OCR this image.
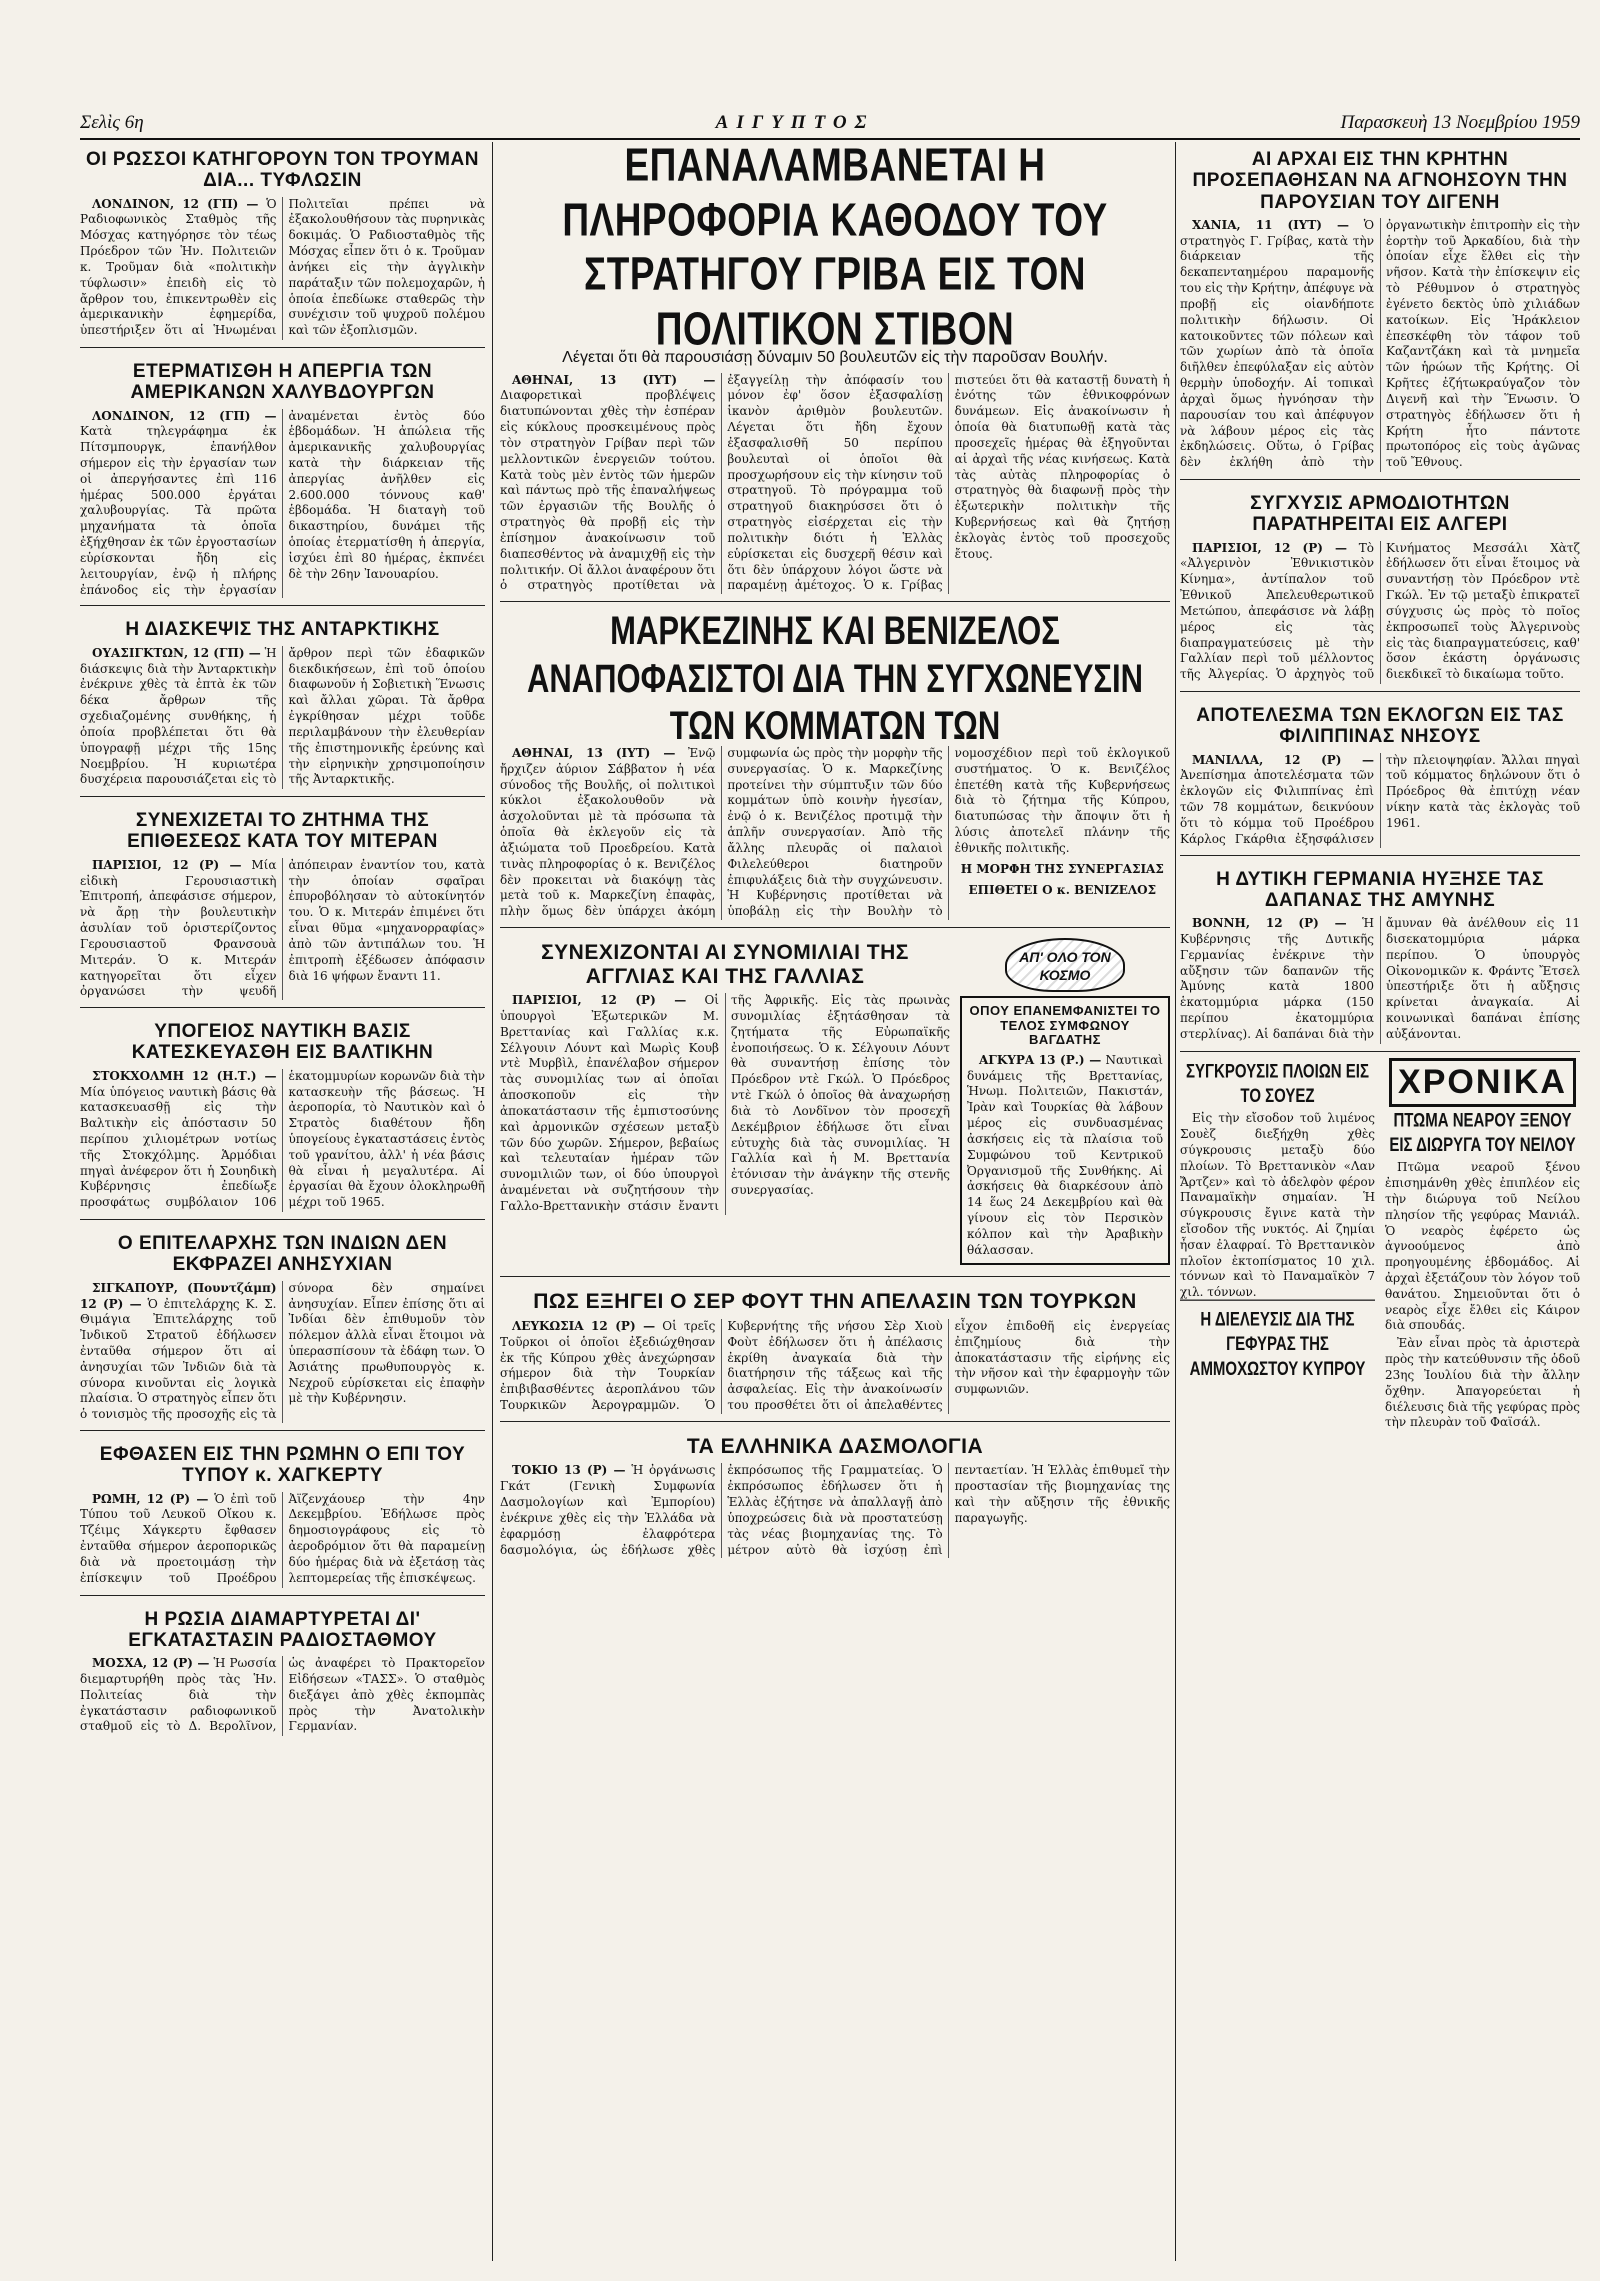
Σελὶς 6η	ΑΙΓΥΠΤΟΣ	Παρασκευὴ 13 Νοεμβρίου 1959
ΟΙ ΡΩΣΣΟΙ ΚΑΤΗΓΟΡΟΥΝ ΤΟΝ ΤΡΟΥΜΑΝ ΔΙΑ... ΤΥΦΛΩΣΙΝ

ΛΟΝΔΙΝΟΝ, 12 (ΓΠ) — Ὁ Ραδιοφωνικὸς Σταθμὸς τῆς Μόσχας κατηγόρησε τὸν τέως Πρόεδρον τῶν Ἡν. Πολιτειῶν κ. Τροῦμαν διὰ «πολιτικὴν τύφλωσιν» ἐπειδὴ εἰς τὸ ἄρθρον του, ἐπικεντρωθὲν εἰς ἀμερικανικὴν ἐφημερίδα, ὑπεστήριξεν ὅτι αἱ Ἡνωμέναι Πολιτεῖαι πρέπει νὰ ἐξακολουθήσουν τὰς πυρηνικὰς δοκιμάς. Ὁ Ραδιοσταθμὸς τῆς Μόσχας εἶπεν ὅτι ὁ κ. Τροῦμαν ἀνήκει εἰς τὴν ἀγγλικὴν παράταξιν τῶν πολεμοχαρῶν, ἡ ὁποία ἐπεδίωκε σταθερῶς τὴν συνέχισιν τοῦ ψυχροῦ πολέμου καὶ τῶν ἐξοπλισμῶν.

ΕΤΕΡΜΑΤΙΣΘΗ Η ΑΠΕΡΓΙΑ ΤΩΝ ΑΜΕΡΙΚΑΝΩΝ ΧΑΛΥΒΔΟΥΡΓΩΝ

ΛΟΝΔΙΝΟΝ, 12 (ΓΠ) — Κατὰ τηλεγράφημα ἐκ Πίτσμπουργκ, ἐπανήλθον σήμερον εἰς τὴν ἐργασίαν των οἱ ἀπεργήσαντες ἐπὶ 116 ἡμέρας 500.000 ἐργάται χαλυβουργίας. Τὰ πρῶτα μηχανήματα τὰ ὁποῖα ἐξήχθησαν ἐκ τῶν ἐργοστασίων εὑρίσκονται ἤδη εἰς λειτουργίαν, ἐνῷ ἡ πλήρης ἐπάνοδος εἰς τὴν ἐργασίαν ἀναμένεται ἐντὸς δύο ἑβδομάδων. Ἡ ἀπώλεια τῆς ἀμερικανικῆς χαλυβουργίας κατὰ τὴν διάρκειαν τῆς ἀπεργίας ἀνῆλθεν εἰς 2.600.000 τόννους καθ' ἑβδομάδα. Ἡ διαταγὴ τοῦ δικαστηρίου, δυνάμει τῆς ὁποίας ἐτερματίσθη ἡ ἀπεργία, ἰσχύει ἐπὶ 80 ἡμέρας, ἐκπνέει δὲ τὴν 26ην Ἰανουαρίου.

Η ΔΙΑΣΚΕΨΙΣ ΤΗΣ ΑΝΤΑΡΚΤΙΚΗΣ

ΟΥΑΣΙΓΚΤΩΝ, 12 (ΓΠ) — Ἡ διάσκεψις διὰ τὴν Ἀνταρκτικὴν ἐνέκρινε χθὲς τὰ ἑπτὰ ἐκ τῶν δέκα ἄρθρων τῆς σχεδιαζομένης συνθήκης, ἡ ὁποία προβλέπεται ὅτι θὰ ὑπογραφῇ μέχρι τῆς 15ης Νοεμβρίου. Ἡ κυριωτέρα δυσχέρεια παρουσιάζεται εἰς τὸ ἄρθρον περὶ τῶν ἐδαφικῶν διεκδικήσεων, ἐπὶ τοῦ ὁποίου διαφωνοῦν ἡ Σοβιετικὴ Ἕνωσις καὶ ἄλλαι χῶραι. Τὰ ἄρθρα ἐγκρίθησαν μέχρι τοῦδε περιλαμβάνουν τὴν ἐλευθερίαν τῆς ἐπιστημονικῆς ἐρεύνης καὶ τὴν εἰρηνικὴν χρησιμοποίησιν τῆς Ἀνταρκτικῆς.

ΣΥΝΕΧΙΖΕΤΑΙ ΤΟ ΖΗΤΗΜΑ ΤΗΣ ΕΠΙΘΕΣΕΩΣ ΚΑΤΑ ΤΟΥ ΜΙΤΕΡΑΝ

ΠΑΡΙΣΙΟΙ, 12 (Ρ) — Μία εἰδικὴ Γερουσιαστικὴ Ἐπιτροπή, ἀπεφάσισε σήμερον, νὰ ἄρῃ τὴν βουλευτικὴν ἀσυλίαν τοῦ ὁριστερίζοντος Γερουσιαστοῦ Φρανσουὰ Μιτεράν. Ὁ κ. Μιτεράν κατηγορεῖται ὅτι εἶχεν ὀργανώσει τὴν ψευδῆ ἀπόπειραν ἐναντίον του, κατὰ τὴν ὁποίαν σφαῖραι ἐπυροβόλησαν τὸ αὐτοκίνητόν του. Ὁ κ. Μιτεράν ἐπιμένει ὅτι εἶναι θῦμα «μηχανορραφίας» ἀπὸ τῶν ἀντιπάλων του. Ἡ ἐπιτροπὴ ἐξέδωσεν ἀπόφασιν διὰ 16 ψήφων ἔναντι 11.

ΥΠΟΓΕΙΟΣ ΝΑΥΤΙΚΗ ΒΑΣΙΣ ΚΑΤΕΣΚΕΥΑΣΘΗ ΕΙΣ ΒΑΛΤΙΚΗΝ

ΣΤΟΚΧΟΛΜΗ 12 (Η.Τ.) — Μία ὑπόγειος ναυτικὴ βάσις θὰ κατασκευασθῇ εἰς τὴν Βαλτικὴν εἰς ἀπόστασιν 50 περίπου χιλιομέτρων νοτίως τῆς Στοκχόλμης. Ἁρμόδιαι πηγαὶ ἀνέφερον ὅτι ἡ Σουηδικὴ Κυβέρνησις ἐπεδίωξε προσφάτως συμβόλαιον 106 ἑκατομμυρίων κορωνῶν διὰ τὴν κατασκευὴν τῆς βάσεως. Ἡ ἀεροπορία, τὸ Ναυτικὸν καὶ ὁ Στρατὸς διαθέτουν ἤδη ὑπογείους ἐγκαταστάσεις ἐντὸς τοῦ γρανίτου, ἀλλ' ἡ νέα βάσις θὰ εἶναι ἡ μεγαλυτέρα. Αἱ ἐργασίαι θὰ ἔχουν ὁλοκληρωθῆ μέχρι τοῦ 1965.

Ο ΕΠΙΤΕΛΑΡΧΗΣ ΤΩΝ ΙΝΔΙΩΝ ΔΕΝ ΕΚΦΡΑΖΕΙ ΑΝΗΣΥΧΙΑΝ

ΣΙΓΚΑΠΟΥΡ, (Πουντζάμπ) 12 (Ρ) — Ὁ ἐπιτελάρχης Κ. Σ. Θιμάγια Ἐπιτελάρχης τοῦ Ἰνδικοῦ Στρατοῦ ἐδήλωσεν ἐνταῦθα σήμερον ὅτι αἱ ἀνησυχίαι τῶν Ἰνδιῶν διὰ τὰ σύνορα κινοῦνται εἰς λογικὰ πλαίσια. Ὁ στρατηγὸς εἶπεν ὅτι ὁ τονισμὸς τῆς προσοχῆς εἰς τὰ σύνορα δὲν σημαίνει ἀνησυχίαν. Εἶπεν ἐπίσης ὅτι αἱ Ἰνδίαι δὲν ἐπιθυμοῦν τὸν πόλεμον ἀλλὰ εἶναι ἕτοιμοι νὰ ὑπερασπίσουν τὰ ἐδάφη των. Ὁ Ἀσιάτης πρωθυπουργὸς κ. Νεχροῦ εὑρίσκεται εἰς ἐπαφὴν μὲ τὴν Κυβέρνησιν.

ΕΦΘΑΣΕΝ ΕΙΣ ΤΗΝ ΡΩΜΗΝ Ο ΕΠΙ ΤΟΥ ΤΥΠΟΥ κ. ΧΑΓΚΕΡΤΥ

ΡΩΜΗ, 12 (Ρ) — Ὁ ἐπὶ τοῦ Τύπου τοῦ Λευκοῦ Οἴκου κ. Τζέιμς Χάγκερτυ ἔφθασεν ἐνταῦθα σήμερον ἀεροπορικῶς διὰ νὰ προετοιμάσῃ τὴν ἐπίσκεψιν τοῦ Προέδρου Ἀϊζενχάουερ τὴν 4ην Δεκεμβρίου. Ἐδήλωσε πρὸς δημοσιογράφους εἰς τὸ ἀεροδρόμιον ὅτι θὰ παραμείνῃ δύο ἡμέρας διὰ νὰ ἐξετάσῃ τὰς λεπτομερείας τῆς ἐπισκέψεως.

Η ΡΩΣΙΑ ΔΙΑΜΑΡΤΥΡΕΤΑΙ ΔΙ' ΕΓΚΑΤΑΣΤΑΣΙΝ ΡΑΔΙΟΣΤΑΘΜΟΥ

ΜΟΣΧΑ, 12 (Ρ) — Ἡ Ρωσσία διεμαρτυρήθη πρὸς τὰς Ἡν. Πολιτείας διὰ τὴν ἐγκατάστασιν ραδιοφωνικοῦ σταθμοῦ εἰς τὸ Δ. Βερολῖνον, ὡς ἀναφέρει τὸ Πρακτορεῖον Εἰδήσεων «ΤΑΣΣ». Ὁ σταθμὸς διεξάγει ἀπὸ χθὲς ἐκπομπὰς πρὸς τὴν Ἀνατολικὴν Γερμανίαν.

ΕΠΑΝΑΛΑΜΒΑΝΕΤΑΙ Η ΠΛΗΡΟΦΟΡΙΑ ΚΑΘΟΔΟΥ ΤΟΥ ΣΤΡΑΤΗΓΟΥ ΓΡΙΒΑ ΕΙΣ ΤΟΝ ΠΟΛΙΤΙΚΟΝ ΣΤΙΒΟΝ
Λέγεται ὅτι θὰ παρουσιάσῃ δύναμιν 50 βουλευτῶν εἰς τὴν παροῦσαν Βουλήν.

ΑΘΗΝΑΙ, 13 (ΙΥΤ) — Διαφορετικαὶ προβλέψεις διατυπώνονται χθὲς τὴν ἑσπέραν εἰς κύκλους προσκειμένους πρὸς τὸν στρατηγὸν Γρίβαν περὶ τῶν μελλοντικῶν ἐνεργειῶν τούτου. Κατὰ τοὺς μὲν ἐντὸς τῶν ἡμερῶν καὶ πάντως πρὸ τῆς ἐπαναλήψεως τῶν ἐργασιῶν τῆς Βουλῆς ὁ στρατηγὸς θὰ προβῇ εἰς τὴν ἐπίσημον ἀνακοίνωσιν τοῦ διαπεσθέντος νὰ ἀναμιχθῇ εἰς τὴν πολιτικήν. Οἱ ἄλλοι ἀναφέρουν ὅτι ὁ στρατηγὸς προτίθεται νὰ ἐξαγγείλῃ τὴν ἀπόφασίν του μόνον ἐφ' ὅσον ἐξασφαλίσῃ ἱκανὸν ἀριθμὸν βουλευτῶν. Λέγεται ὅτι ἤδη ἔχουν ἐξασφαλισθῆ 50 περίπου βουλευταὶ οἱ ὁποῖοι θὰ προσχωρήσουν εἰς τὴν κίνησιν τοῦ στρατηγοῦ. Τὸ πρόγραμμα τοῦ στρατηγοῦ διακηρύσσει ὅτι ὁ στρατηγὸς εἰσέρχεται εἰς τὴν πολιτικὴν διότι ἡ Ἑλλὰς εὑρίσκεται εἰς δυσχερῆ θέσιν καὶ ὅτι δὲν ὑπάρχουν λόγοι ὥστε νὰ παραμένῃ ἀμέτοχος. Ὁ κ. Γρίβας πιστεύει ὅτι θὰ καταστῇ δυνατὴ ἡ ἐνότης τῶν ἐθνικοφρόνων δυνάμεων. Εἰς ἀνακοίνωσιν ἡ ὁποία θὰ διατυπωθῇ κατὰ τὰς προσεχεῖς ἡμέρας θὰ ἐξηγοῦνται αἱ ἀρχαὶ τῆς νέας κινήσεως. Κατὰ τὰς αὐτὰς πληροφορίας ὁ στρατηγὸς θὰ διαφωνῇ πρὸς τὴν ἐξωτερικὴν πολιτικὴν τῆς Κυβερνήσεως καὶ θὰ ζητήσῃ ἐκλογὰς ἐντὸς τοῦ προσεχοῦς ἔτους.

ΜΑΡΚΕΖΙΝΗΣ ΚΑΙ ΒΕΝΙΖΕΛΟΣ ΑΝΑΠΟΦΑΣΙΣΤΟΙ ΔΙΑ ΤΗΝ ΣΥΓΧΩΝΕΥΣΙΝ ΤΩΝ ΚΟΜΜΑΤΩΝ ΤΩΝ

ΑΘΗΝΑΙ, 13 (ΙΥΤ) — Ἐνῷ ἤρχιζεν ἀύριον Σάββατον ἡ νέα σύνοδος τῆς Βουλῆς, οἱ πολιτικοὶ κύκλοι ἐξακολουθοῦν νὰ ἀσχολοῦνται μὲ τὰ πρόσωπα τὰ ὁποῖα θὰ ἐκλεγοῦν εἰς τὰ ἀξιώματα τοῦ Προεδρείου. Κατὰ τινὰς πληροφορίας ὁ κ. Βενιζέλος δὲν προκειται νὰ διακόψῃ τὰς μετὰ τοῦ κ. Μαρκεζίνη ἐπαφὰς, πλὴν ὅμως δὲν ὑπάρχει ἀκόμη συμφωνία ὡς πρὸς τὴν μορφὴν τῆς συνεργασίας. Ὁ κ. Μαρκεζίνης προτείνει τὴν σύμπτυξιν τῶν δύο κομμάτων ὑπὸ κοινὴν ἡγεσίαν, ἐνῷ ὁ κ. Βενιζέλος προτιμᾷ τὴν ἁπλῆν συνεργασίαν. Ἀπὸ τῆς ἄλλης πλευρᾶς οἱ παλαιοὶ Φιλελεύθεροι διατηροῦν ἐπιφυλάξεις διὰ τὴν συγχώνευσιν. Ἡ Κυβέρνησις προτίθεται νὰ ὑποβάλῃ εἰς τὴν Βουλὴν τὸ νομοσχέδιον περὶ τοῦ ἐκλογικοῦ συστήματος. Ὁ κ. Βενιζέλος ἐπετέθη κατὰ τῆς Κυβερνήσεως διὰ τὸ ζήτημα τῆς Κύπρου, διατυπώσας τὴν ἄποψιν ὅτι ἡ λύσις ἀποτελεῖ πλάνην τῆς ἐθνικῆς πολιτικῆς.

Η ΜΟΡΦΗ ΤΗΣ ΣΥΝΕΡΓΑΣΙΑΣ
ΕΠΙΘΕΤΕΙ Ο κ. ΒΕΝΙΖΕΛΟΣ
ΣΥΝΕΧΙΖΟΝΤΑΙ ΑΙ ΣΥΝΟΜΙΛΙΑΙ ΤΗΣ ΑΓΓΛΙΑΣ ΚΑΙ ΤΗΣ ΓΑΛΛΙΑΣ

ΠΑΡΙΣΙΟΙ, 12 (Ρ) — Οἱ ὑπουργοὶ Ἐξωτερικῶν Μ. Βρεττανίας καὶ Γαλλίας κ.κ. Σέλγουιν Λόυντ καὶ Μωρὶς Κουβ ντὲ Μυρβὶλ, ἐπανέλαβον σήμερον τὰς συνομιλίας των αἱ ὁποῖαι ἀποσκοποῦν εἰς τὴν ἀποκατάστασιν τῆς ἐμπιστοσύνης καὶ ἀρμονικῶν σχέσεων μεταξὺ τῶν δύο χωρῶν. Σήμερον, βεβαίως καὶ τελευταίαν ἡμέραν τῶν συνομιλιῶν των, οἱ δύο ὑπουργοὶ ἀναμένεται νὰ συζητήσουν τὴν Γαλλο-Βρεττανικὴν στάσιν ἔναντι τῆς Ἀφρικῆς. Εἰς τὰς πρωινὰς συνομιλίας ἐξητάσθησαν τὰ ζητήματα τῆς Εὐρωπαϊκῆς ἐνοποιήσεως. Ὁ κ. Σέλγουιν Λόυντ θὰ συναντήσῃ ἐπίσης τὸν Πρόεδρον ντὲ Γκώλ. Ὁ Πρόεδρος ντὲ Γκώλ ὁ ὁποῖος θὰ ἀναχωρήσῃ διὰ τὸ Λονδῖνον τὸν προσεχῆ Δεκέμβριον ἐδήλωσε ὅτι εἶναι εὐτυχὴς διὰ τὰς συνομιλίας. Ἡ Γαλλία καὶ ἡ Μ. Βρεττανία ἐτόνισαν τὴν ἀνάγκην τῆς στενῆς συνεργασίας.

ΑΠ' ΟΛΟ ΤΟΝ ΚΟΣΜΟ
ΟΠΟΥ ΕΠΑΝΕΜΦΑΝΙΣΤΕΙ ΤΟ ΤΕΛΟΣ ΣΥΜΦΩΝΟΥ ΒΑΓΔΑΤΗΣ

ΑΓΚΥΡΑ 13 (Ρ.) — Ναυτικαὶ δυνάμεις τῆς Βρεττανίας, Ἡνωμ. Πολιτειῶν, Πακιστάν, Ἰρὰν καὶ Τουρκίας θὰ λάβουν μέρος εἰς συνδυασμένας ἀσκήσεις εἰς τὰ πλαίσια τοῦ Συμφώνου τοῦ Κεντρικοῦ Ὀργανισμοῦ τῆς Συνθήκης. Αἱ ἀσκήσεις θὰ διαρκέσουν ἀπὸ 14 ἕως 24 Δεκεμβρίου καὶ θὰ γίνουν εἰς τὸν Περσικὸν κόλπον καὶ τὴν Ἀραβικὴν θάλασσαν.

ΠΩΣ ΕΞΗΓΕΙ Ο ΣΕΡ ΦΟΥΤ ΤΗΝ ΑΠΕΛΑΣΙΝ ΤΩΝ ΤΟΥΡΚΩΝ

ΛΕΥΚΩΣΙΑ 12 (Ρ) — Οἱ τρεῖς Τοῦρκοι οἱ ὁποῖοι ἐξεδιώχθησαν ἐκ τῆς Κύπρου χθὲς ἀνεχώρησαν σήμερον διὰ τὴν Τουρκίαν ἐπιβιβασθέντες ἀεροπλάνου τῶν Τουρκικῶν Ἀερογραμμῶν. Ὁ Κυβερνήτης τῆς νήσου Σὲρ Χιοὺ Φοὺτ ἐδήλωσεν ὅτι ἡ ἀπέλασις ἐκρίθη ἀναγκαία διὰ τὴν διατήρησιν τῆς τάξεως καὶ τῆς ἀσφαλείας. Εἰς τὴν ἀνακοίνωσίν του προσθέτει ὅτι οἱ ἀπελαθέντες εἶχον ἐπιδοθῆ εἰς ἐνεργείας ἐπιζημίους διὰ τὴν ἀποκατάστασιν τῆς εἰρήνης εἰς τὴν νῆσον καὶ τὴν ἐφαρμογὴν τῶν συμφωνιῶν.

ΤΑ ΕΛΛΗΝΙΚΑ ΔΑΣΜΟΛΟΓΙΑ

ΤΟΚΙΟ 13 (Ρ) — Ἡ ὀργάνωσις Γκάτ (Γενικὴ Συμφωνία Δασμολογίων καὶ Ἐμπορίου) ἐνέκρινε χθὲς εἰς τὴν Ἑλλάδα νὰ ἐφαρμόσῃ ἐλαφρότερα δασμολόγια, ὡς ἐδήλωσε χθὲς ἐκπρόσωπος τῆς Γραμματείας. Ὁ ἐκπρόσωπος ἐδήλωσεν ὅτι ἡ Ἑλλὰς ἐζήτησε νὰ ἀπαλλαγῇ ἀπὸ ὑποχρεώσεις διὰ νὰ προστατεύσῃ τὰς νέας βιομηχανίας της. Τὸ μέτρον αὐτὸ θὰ ἰσχύσῃ ἐπὶ πενταετίαν. Ἡ Ἑλλὰς ἐπιθυμεῖ τὴν προστασίαν τῆς βιομηχανίας της καὶ τὴν αὔξησιν τῆς ἐθνικῆς παραγωγῆς.

ΑΙ ΑΡΧΑΙ ΕΙΣ ΤΗΝ ΚΡΗΤΗΝ ΠΡΟΣΕΠΑΘΗΣΑΝ ΝΑ ΑΓΝΟΗΣΟΥΝ ΤΗΝ ΠΑΡΟΥΣΙΑΝ ΤΟΥ ΔΙΓΕΝΗ

ΧΑΝΙΑ, 11 (ΙΥΤ) — Ὁ στρατηγὸς Γ. Γρίβας, κατὰ τὴν διάρκειαν τῆς δεκαπενταημέρου παραμονῆς του εἰς τὴν Κρήτην, ἀπέφυγε νὰ προβῇ εἰς οἱανδήποτε πολιτικὴν δήλωσιν. Οἱ κατοικοῦντες τῶν πόλεων καὶ τῶν χωρίων ἀπὸ τὰ ὁποῖα διῆλθεν ἐπεφύλαξαν εἰς αὐτὸν θερμὴν ὑποδοχήν. Αἱ τοπικαὶ ἀρχαὶ ὅμως ἠγνόησαν τὴν παρουσίαν του καὶ ἀπέφυγον νὰ λάβουν μέρος εἰς τὰς ἐκδηλώσεις. Οὕτω, ὁ Γρίβας δὲν ἐκλήθη ἀπὸ τὴν ὀργανωτικὴν ἐπιτροπὴν εἰς τὴν ἑορτὴν τοῦ Ἀρκαδίου, διὰ τὴν ὁποίαν εἶχε ἔλθει εἰς τὴν νῆσον. Κατὰ τὴν ἐπίσκεψιν εἰς τὸ Ρέθυμνον ὁ στρατηγὸς ἐγένετο δεκτὸς ὑπὸ χιλιάδων κατοίκων. Εἰς Ἡράκλειον ἐπεσκέφθη τὸν τάφον τοῦ Καζαντζάκη καὶ τὰ μνημεῖα τῶν ἡρώων τῆς Κρήτης. Οἱ Κρῆτες ἐζήτωκραύγαζον τὸν Διγενῆ καὶ τὴν Ἕνωσιν. Ὁ στρατηγὸς ἐδήλωσεν ὅτι ἡ Κρήτη ἦτο πάντοτε πρωτοπόρος εἰς τοὺς ἀγῶνας τοῦ Ἔθνους.

ΣΥΓΧΥΣΙΣ ΑΡΜΟΔΙΟΤΗΤΩΝ ΠΑΡΑΤΗΡΕΙΤΑΙ ΕΙΣ ΑΛΓΕΡΙ

ΠΑΡΙΣΙΟΙ, 12 (Ρ) — Τὸ «Ἀλγερινὸν Ἐθνικιστικὸν Κίνημα», ἀντίπαλον τοῦ Ἐθνικοῦ Ἀπελευθερωτικοῦ Μετώπου, ἀπεφάσισε νὰ λάβῃ μέρος εἰς τὰς διαπραγματεύσεις μὲ τὴν Γαλλίαν περὶ τοῦ μέλλοντος τῆς Ἀλγερίας. Ὁ ἀρχηγὸς τοῦ Κινήματος Μεσσάλι Χὰτζ ἐδήλωσεν ὅτι εἶναι ἕτοιμος νὰ συναντήσῃ τὸν Πρόεδρον ντὲ Γκώλ. Ἐν τῷ μεταξὺ ἐπικρατεῖ σύγχυσις ὡς πρὸς τὸ ποῖος ἐκπροσωπεῖ τοὺς Ἀλγερινοὺς εἰς τὰς διαπραγματεύσεις, καθ' ὅσον ἑκάστη ὀργάνωσις διεκδικεῖ τὸ δικαίωμα τοῦτο.

ΑΠΟΤΕΛΕΣΜΑ ΤΩΝ ΕΚΛΟΓΩΝ ΕΙΣ ΤΑΣ ΦΙΛΙΠΠΙΝΑΣ ΝΗΣΟΥΣ

ΜΑΝΙΛΛΑ, 12 (Ρ) — Ἀνεπίσημα ἀποτελέσματα τῶν ἐκλογῶν εἰς Φιλιππίνας ἐπὶ τῶν 78 κομμάτων, δεικνύουν ὅτι τὸ κόμμα τοῦ Προέδρου Κάρλος Γκάρθια ἐξησφάλισεν τὴν πλειοψηφίαν. Ἄλλαι πηγαὶ τοῦ κόμματος δηλώνουν ὅτι ὁ Πρόεδρος θὰ ἐπιτύχῃ νέαν νίκην κατὰ τὰς ἐκλογὰς τοῦ 1961.

Η ΔΥΤΙΚΗ ΓΕΡΜΑΝΙΑ ΗΥΞΗΣΕ ΤΑΣ ΔΑΠΑΝΑΣ ΤΗΣ ΑΜΥΝΗΣ

ΒΟΝΝΗ, 12 (Ρ) — Ἡ Κυβέρνησις τῆς Δυτικῆς Γερμανίας ἐνέκρινε τὴν αὔξησιν τῶν δαπανῶν τῆς Ἀμύνης κατὰ 1800 ἑκατομμύρια μάρκα (150 περίπου ἑκατομμύρια στερλίνας). Αἱ δαπάναι διὰ τὴν ἄμυναν θὰ ἀνέλθουν εἰς 11 δισεκατομμύρια μάρκα περίπου. Ὁ ὑπουργὸς Οἰκονομικῶν κ. Φράντς Ἔτσελ ὑπεστήριξε ὅτι ἡ αὔξησις κρίνεται ἀναγκαία. Αἱ κοινωνικαὶ δαπάναι ἐπίσης αὐξάνονται.

ΣΥΓΚΡΟΥΣΙΣ ΠΛΟΙΩΝ ΕΙΣ ΤΟ ΣΟΥΕΖ

Εἰς τὴν εἴσοδον τοῦ λιμένος Σουὲζ διεξήχθη χθὲς σύγκρουσις μεταξὺ δύο πλοίων. Τὸ Βρεττανικὸν «Λαν Ἄρτζεν» καὶ τὸ ἀδελφὸν φέρον Παναμαϊκὴν σημαίαν. Ἡ σύγκρουσις ἔγινε κατὰ τὴν εἴσοδον τῆς νυκτός. Αἱ ζημίαι ἦσαν ἐλαφραί. Τὸ Βρεττανικὸν πλοῖον ἐκτοπίσματος 10 χιλ. τόννων καὶ τὸ Παναμαϊκὸν 7 χιλ. τόννων.

Η ΔΙΕΛΕΥΣΙΣ ΔΙΑ ΤΗΣ ΓΕΦΥΡΑΣ ΤΗΣ ΑΜΜΟΧΩΣΤΟΥ ΚΥΠΡΟΥ
ΧΡΟΝΙΚΑ
ΠΤΩΜΑ ΝΕΑΡΟΥ ΞΕΝΟΥ ΕΙΣ ΔΙΩΡΥΓΑ ΤΟΥ ΝΕΙΛΟΥ

Πτῶμα νεαροῦ ξένου ἐπισημάνθη χθὲς ἐπιπλέον εἰς τὴν διώρυγα τοῦ Νείλου πλησίον τῆς γεφύρας Μανιάλ. Ὁ νεαρὸς ἐφέρετο ὡς ἀγνοούμενος ἀπὸ προηγουμένης ἑβδομάδος. Αἱ ἀρχαὶ ἐξετάζουν τὸν λόγον τοῦ θανάτου. Σημειοῦνται ὅτι ὁ νεαρὸς εἶχε ἔλθει εἰς Κάιρον διὰ σπουδάς.

Ἐὰν εἶναι πρὸς τὰ ἀριστερὰ πρὸς τὴν κατεύθυνσιν τῆς ὁδοῦ 23ης Ἰουλίου διὰ τὴν ἄλλην ὄχθην. Ἀπαγορεύεται ἡ διέλευσις διὰ τῆς γεφύρας πρὸς τὴν πλευρὰν τοῦ Φαϊσάλ.
